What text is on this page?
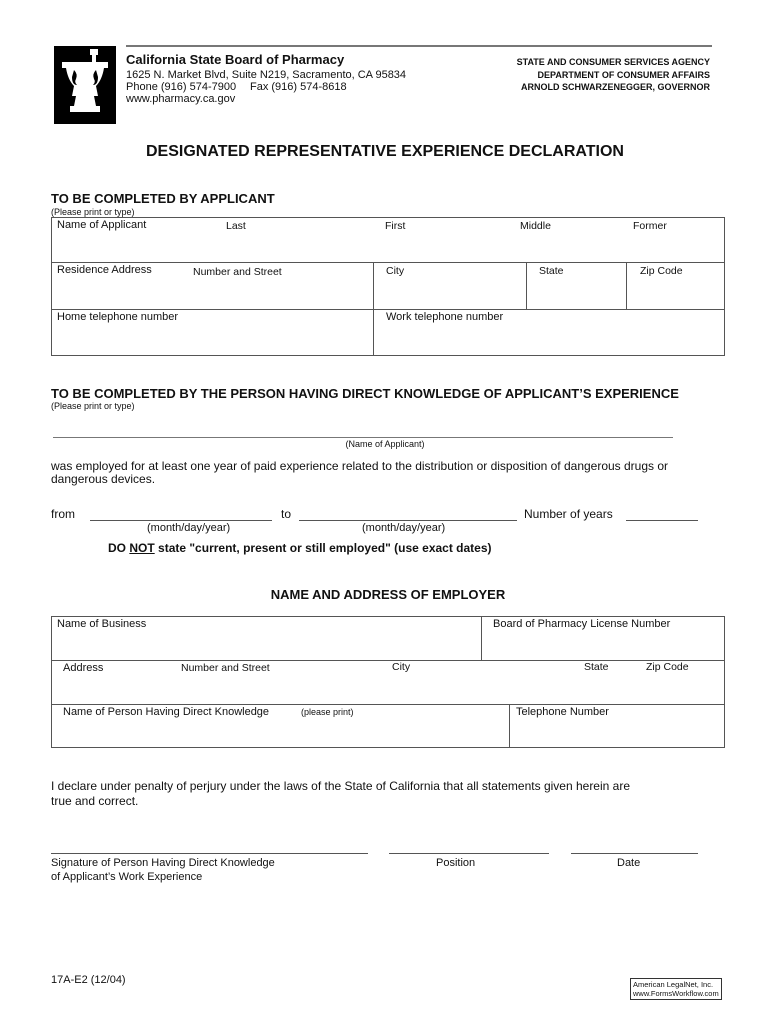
California State Board of Pharmacy
1625 N. Market Blvd, Suite N219, Sacramento, CA 95834
Phone (916) 574-7900 Fax (916) 574-8618
www.pharmacy.ca.gov
STATE AND CONSUMER SERVICES AGENCY
DEPARTMENT OF CONSUMER AFFAIRS
ARNOLD SCHWARZENEGGER, GOVERNOR
DESIGNATED REPRESENTATIVE EXPERIENCE DECLARATION
TO BE COMPLETED BY APPLICANT
(Please print or type)
Name of Applicant	Last	First	Middle	Former
Residence Address	Number and Street	City	State	Zip Code
Home telephone number	Work telephone number
TO BE COMPLETED BY THE PERSON HAVING DIRECT KNOWLEDGE OF APPLICANT’S EXPERIENCE
(Please print or type)
(Name of Applicant)
was employed for at least one year of paid experience related to the distribution or disposition of dangerous drugs or
dangerous devices.
from	to	Number of years
(month/day/year)	(month/day/year)
DO NOT state "current, present or still employed" (use exact dates)
NAME AND ADDRESS OF EMPLOYER
Name of Business	Board of Pharmacy License Number
Address	Number and Street	City	State	Zip Code
Name of Person Having Direct Knowledge	(please print)	Telephone Number
I declare under penalty of perjury under the laws of the State of California that all statements given herein are
true and correct.
Signature of Person Having Direct Knowledge
of Applicant’s Work Experience
Position	Date
17A-E2 (12/04)	American LegalNet, Inc.
www.FormsWorkflow.com
